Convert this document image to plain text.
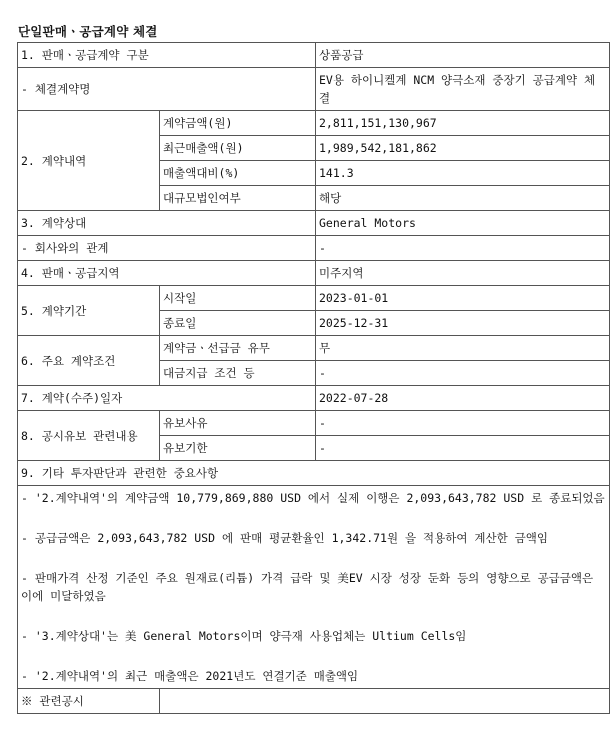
단일판매ㆍ공급계약 체결
1. 판매ㆍ공급계약 구분		상품공급
- 체결계약명		EV용 하이니켈계 NCM 양극소재 중장기 공급계약 체결
2. 계약내역	계약금액(원)	2,811,151,130,967
	최근매출액(원)	1,989,542,181,862
	매출액대비(%)	141.3
	대규모법인여부	해당
3. 계약상대		General Motors
- 회사와의 관계		-
4. 판매ㆍ공급지역		미주지역
5. 계약기간	시작일	2023-01-01
	종료일	2025-12-31
6. 주요 계약조건	계약금ㆍ선급금 유무	무
	대금지급 조건 등	-
7. 계약(수주)일자		2022-07-28
8. 공시유보 관련내용	유보사유	-
	유보기한	-
9. 기타 투자판단과 관련한 중요사항		

- '2.계약내역'의 계약금액 10,779,869,880 USD 에서 실제 이행은 2,093,643,782 USD 로 종료되었음

- 공급금액은 2,093,643,782 USD 에 판매 평균환율인 1,342.71원 을 적용하여 계산한 금액임

- 판매가격 산정 기준인 주요 원재료(리튬) 가격 급락 및 美EV 시장 성장 둔화 등의 영향으로 공급금액은 이에 미달하였음

- '3.계약상대'는 美 General Motors이며 양극재 사용업체는 Ultium Cells임

- '2.계약내역'의 최근 매출액은 2021년도 연결기준 매출액임		

※ 관련공시		
